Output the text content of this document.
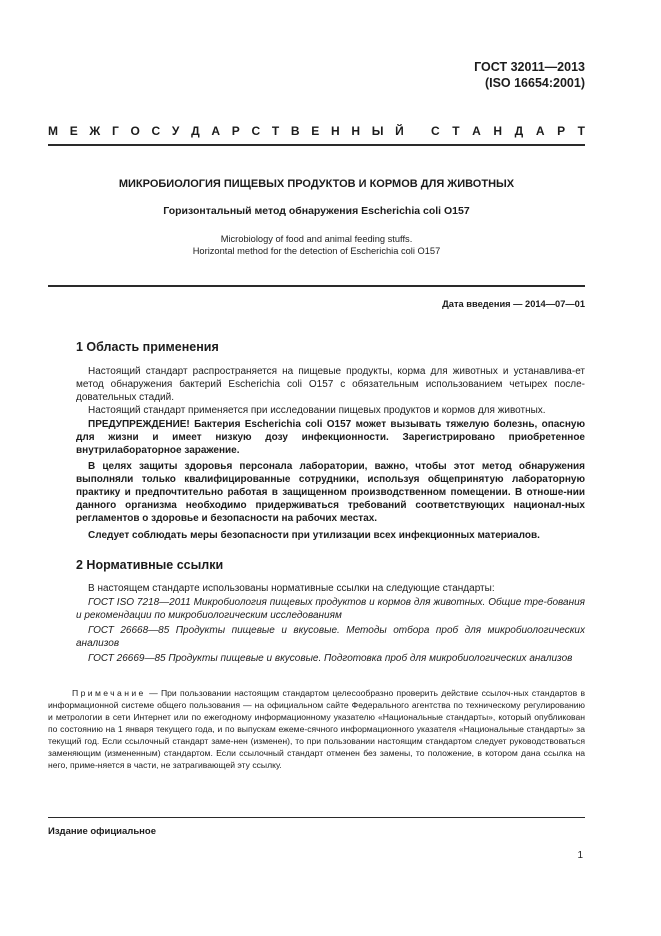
ГОСТ 32011—2013
(ISO 16654:2001)
М Е Ж Г О С У Д А Р С Т В Е Н Н Ы Й С Т А Н Д А Р Т
МИКРОБИОЛОГИЯ ПИЩЕВЫХ ПРОДУКТОВ И КОРМОВ ДЛЯ ЖИВОТНЫХ
Горизонтальный метод обнаружения Escherichia coli O157
Microbiology of food and animal feeding stuffs.
Horizontal method for the detection of Escherichia coli O157
Дата введения — 2014—07—01
1 Область применения
Настоящий стандарт распространяется на пищевые продукты, корма для животных и устанавлива-ет метод обнаружения бактерий Escherichia coli O157 с обязательным использованием четырех после-довательных стадий.
Настоящий стандарт применяется при исследовании пищевых продуктов и кормов для животных.
ПРЕДУПРЕЖДЕНИЕ! Бактерия Escherichia coli O157 может вызывать тяжелую болезнь, опасную для жизни и имеет низкую дозу инфекционности. Зарегистрировано приобретенное внутрилабораторное заражение.
В целях защиты здоровья персонала лаборатории, важно, чтобы этот метод обнаружения выполняли только квалифицированные сотрудники, используя общепринятую лабораторную практику и предпочтительно работая в защищенном производственном помещении. В отноше-нии данного организма необходимо придерживаться требований соответствующих национал-ных регламентов о здоровье и безопасности на рабочих местах.
Следует соблюдать меры безопасности при утилизации всех инфекционных материалов.
2 Нормативные ссылки
В настоящем стандарте использованы нормативные ссылки на следующие стандарты:
ГОСТ ISO 7218—2011 Микробиология пищевых продуктов и кормов для животных. Общие тре-бования и рекомендации по микробиологическим исследованиям
ГОСТ 26668—85 Продукты пищевые и вкусовые. Методы отбора проб для микробиологических анализов
ГОСТ 26669—85 Продукты пищевые и вкусовые. Подготовка проб для микробиологических анализов
Примечание — При пользовании настоящим стандартом целесообразно проверить действие ссылоч-ных стандартов в информационной системе общего пользования — на официальном сайте Федерального агентства по техническому регулированию и метрологии в сети Интернет или по ежегодному информационному указателю «Национальные стандарты», который опубликован по состоянию на 1 января текущего года, и по выпускам ежеме-сячного информационного указателя «Национальные стандарты» за текущий год. Если ссылочный стандарт заме-нен (изменен), то при пользовании настоящим стандартом следует руководствоваться заменяющим (измененным) стандартом. Если ссылочный стандарт отменен без замены, то положение, в котором дана ссылка на него, приме-няется в части, не затрагивающей эту ссылку.
Издание официальное
1
